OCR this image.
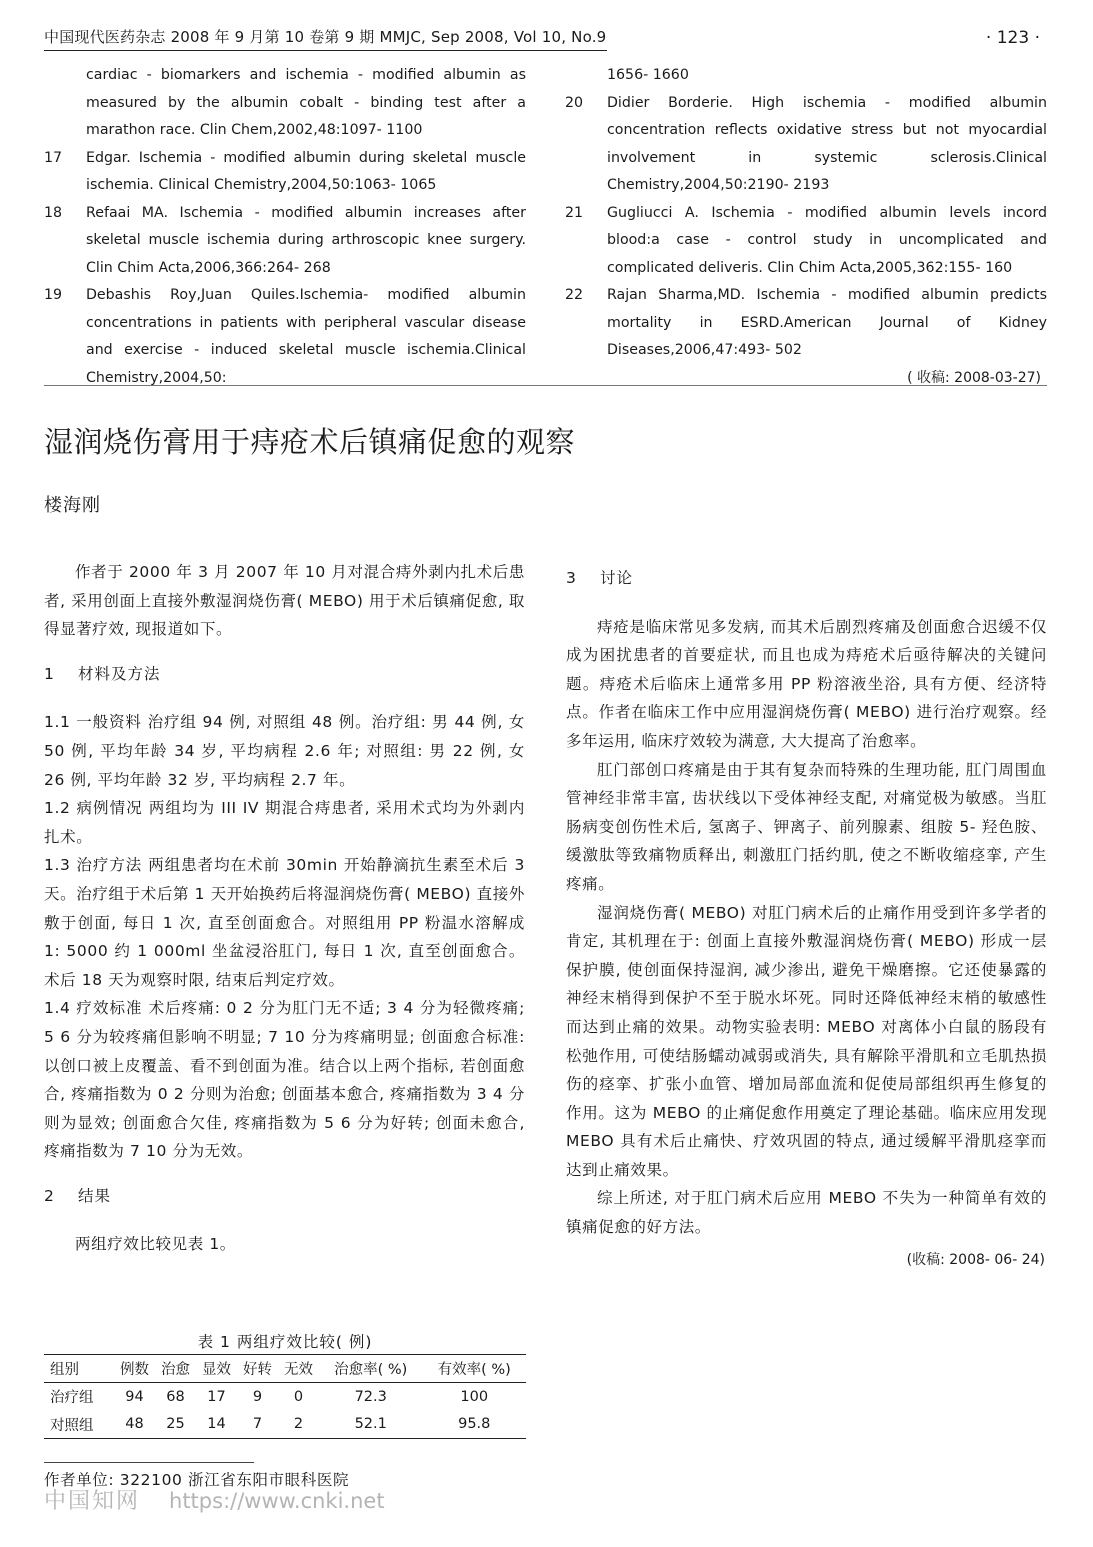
中国现代医药杂志 2008 年 9 月第 10 卷第 9 期 MMJC, Sep 2008, Vol 10, No.9	· 123 ·
cardiac - biomarkers and ischemia - modified albumin as measured by the albumin cobalt - binding test after a marathon race. Clin Chem,2002,48:1097- 1100
17 Edgar. Ischemia - modified albumin during skeletal muscle ischemia. Clinical Chemistry,2004,50:1063- 1065
18 Refaai MA. Ischemia - modified albumin increases after skeletal muscle ischemia during arthroscopic knee surgery. Clin Chim Acta,2006,366:264- 268
19 Debashis Roy,Juan Quiles.Ischemia- modified albumin concentrations in patients with peripheral vascular disease and exercise - induced skeletal muscle ischemia.Clinical Chemistry,2004,50:
1656- 1660
20 Didier Borderie. High ischemia - modified albumin concentration reflects oxidative stress but not myocardial involvement in systemic sclerosis.Clinical Chemistry,2004,50:2190- 2193
21 Gugliucci A. Ischemia - modified albumin levels incord blood:a case - control study in uncomplicated and complicated deliveris. Clin Chim Acta,2005,362:155- 160
22 Rajan Sharma,MD. Ischemia - modified albumin predicts mortality in ESRD.American Journal of Kidney Diseases,2006,47:493- 502
( 收稿: 2008-03-27)
湿润烧伤膏用于痔疮术后镇痛促愈的观察
楼海刚

作者于 2000 年 3 月 2007 年 10 月对混合痔外剥内扎术后患者, 采用创面上直接外敷湿润烧伤膏( MEBO) 用于术后镇痛促愈, 取得显著疗效, 现报道如下。

1 材料及方法

1.1 一般资料 治疗组 94 例, 对照组 48 例。治疗组: 男 44 例, 女 50 例, 平均年龄 34 岁, 平均病程 2.6 年; 对照组: 男 22 例, 女 26 例, 平均年龄 32 岁, 平均病程 2.7 年。

1.2 病例情况 两组均为 III IV 期混合痔患者, 采用术式均为外剥内扎术。

1.3 治疗方法 两组患者均在术前 30min 开始静滴抗生素至术后 3 天。治疗组于术后第 1 天开始换药后将湿润烧伤膏( MEBO) 直接外敷于创面, 每日 1 次, 直至创面愈合。对照组用 PP 粉温水溶解成 1: 5000 约 1 000ml 坐盆浸浴肛门, 每日 1 次, 直至创面愈合。术后 18 天为观察时限, 结束后判定疗效。

1.4 疗效标准 术后疼痛: 0 2 分为肛门无不适; 3 4 分为轻微疼痛; 5 6 分为较疼痛但影响不明显; 7 10 分为疼痛明显; 创面愈合标准: 以创口被上皮覆盖、看不到创面为准。结合以上两个指标, 若创面愈合, 疼痛指数为 0 2 分则为治愈; 创面基本愈合, 疼痛指数为 3 4 分则为显效; 创面愈合欠佳, 疼痛指数为 5 6 分为好转; 创面未愈合, 疼痛指数为 7 10 分为无效。

2 结果

两组疗效比较见表 1。

表 1 两组疗效比较( 例)
组别	例数	治愈	显效	好转	无效	治愈率( %)	有效率( %)
治疗组	94	68	17	9	0	72.3	100
对照组	48	25	14	7	2	52.1	95.8
作者单位: 322100 浙江省东阳市眼科医院
3 讨论

痔疮是临床常见多发病, 而其术后剧烈疼痛及创面愈合迟缓不仅成为困扰患者的首要症状, 而且也成为痔疮术后亟待解决的关键问题。痔疮术后临床上通常多用 PP 粉溶液坐浴, 具有方便、经济特点。作者在临床工作中应用湿润烧伤膏( MEBO) 进行治疗观察。经多年运用, 临床疗效较为满意, 大大提高了治愈率。

肛门部创口疼痛是由于其有复杂而特殊的生理功能, 肛门周围血管神经非常丰富, 齿状线以下受体神经支配, 对痛觉极为敏感。当肛肠病变创伤性术后, 氢离子、钾离子、前列腺素、组胺 5- 羟色胺、缓激肽等致痛物质释出, 刺激肛门括约肌, 使之不断收缩痉挛, 产生疼痛。

湿润烧伤膏( MEBO) 对肛门病术后的止痛作用受到许多学者的肯定, 其机理在于: 创面上直接外敷湿润烧伤膏( MEBO) 形成一层保护膜, 使创面保持湿润, 减少渗出, 避免干燥磨擦。它还使暴露的神经末梢得到保护不至于脱水坏死。同时还降低神经末梢的敏感性而达到止痛的效果。动物实验表明: MEBO 对离体小白鼠的肠段有松弛作用, 可使结肠蠕动减弱或消失, 具有解除平滑肌和立毛肌热损伤的痉挛、扩张小血管、增加局部血流和促使局部组织再生修复的作用。这为 MEBO 的止痛促愈作用奠定了理论基础。临床应用发现 MEBO 具有术后止痛快、疗效巩固的特点, 通过缓解平滑肌痉挛而达到止痛效果。

综上所述, 对于肛门病术后应用 MEBO 不失为一种简单有效的镇痛促愈的好方法。

(收稿: 2008- 06- 24)
中国知网 https://www.cnki.net
